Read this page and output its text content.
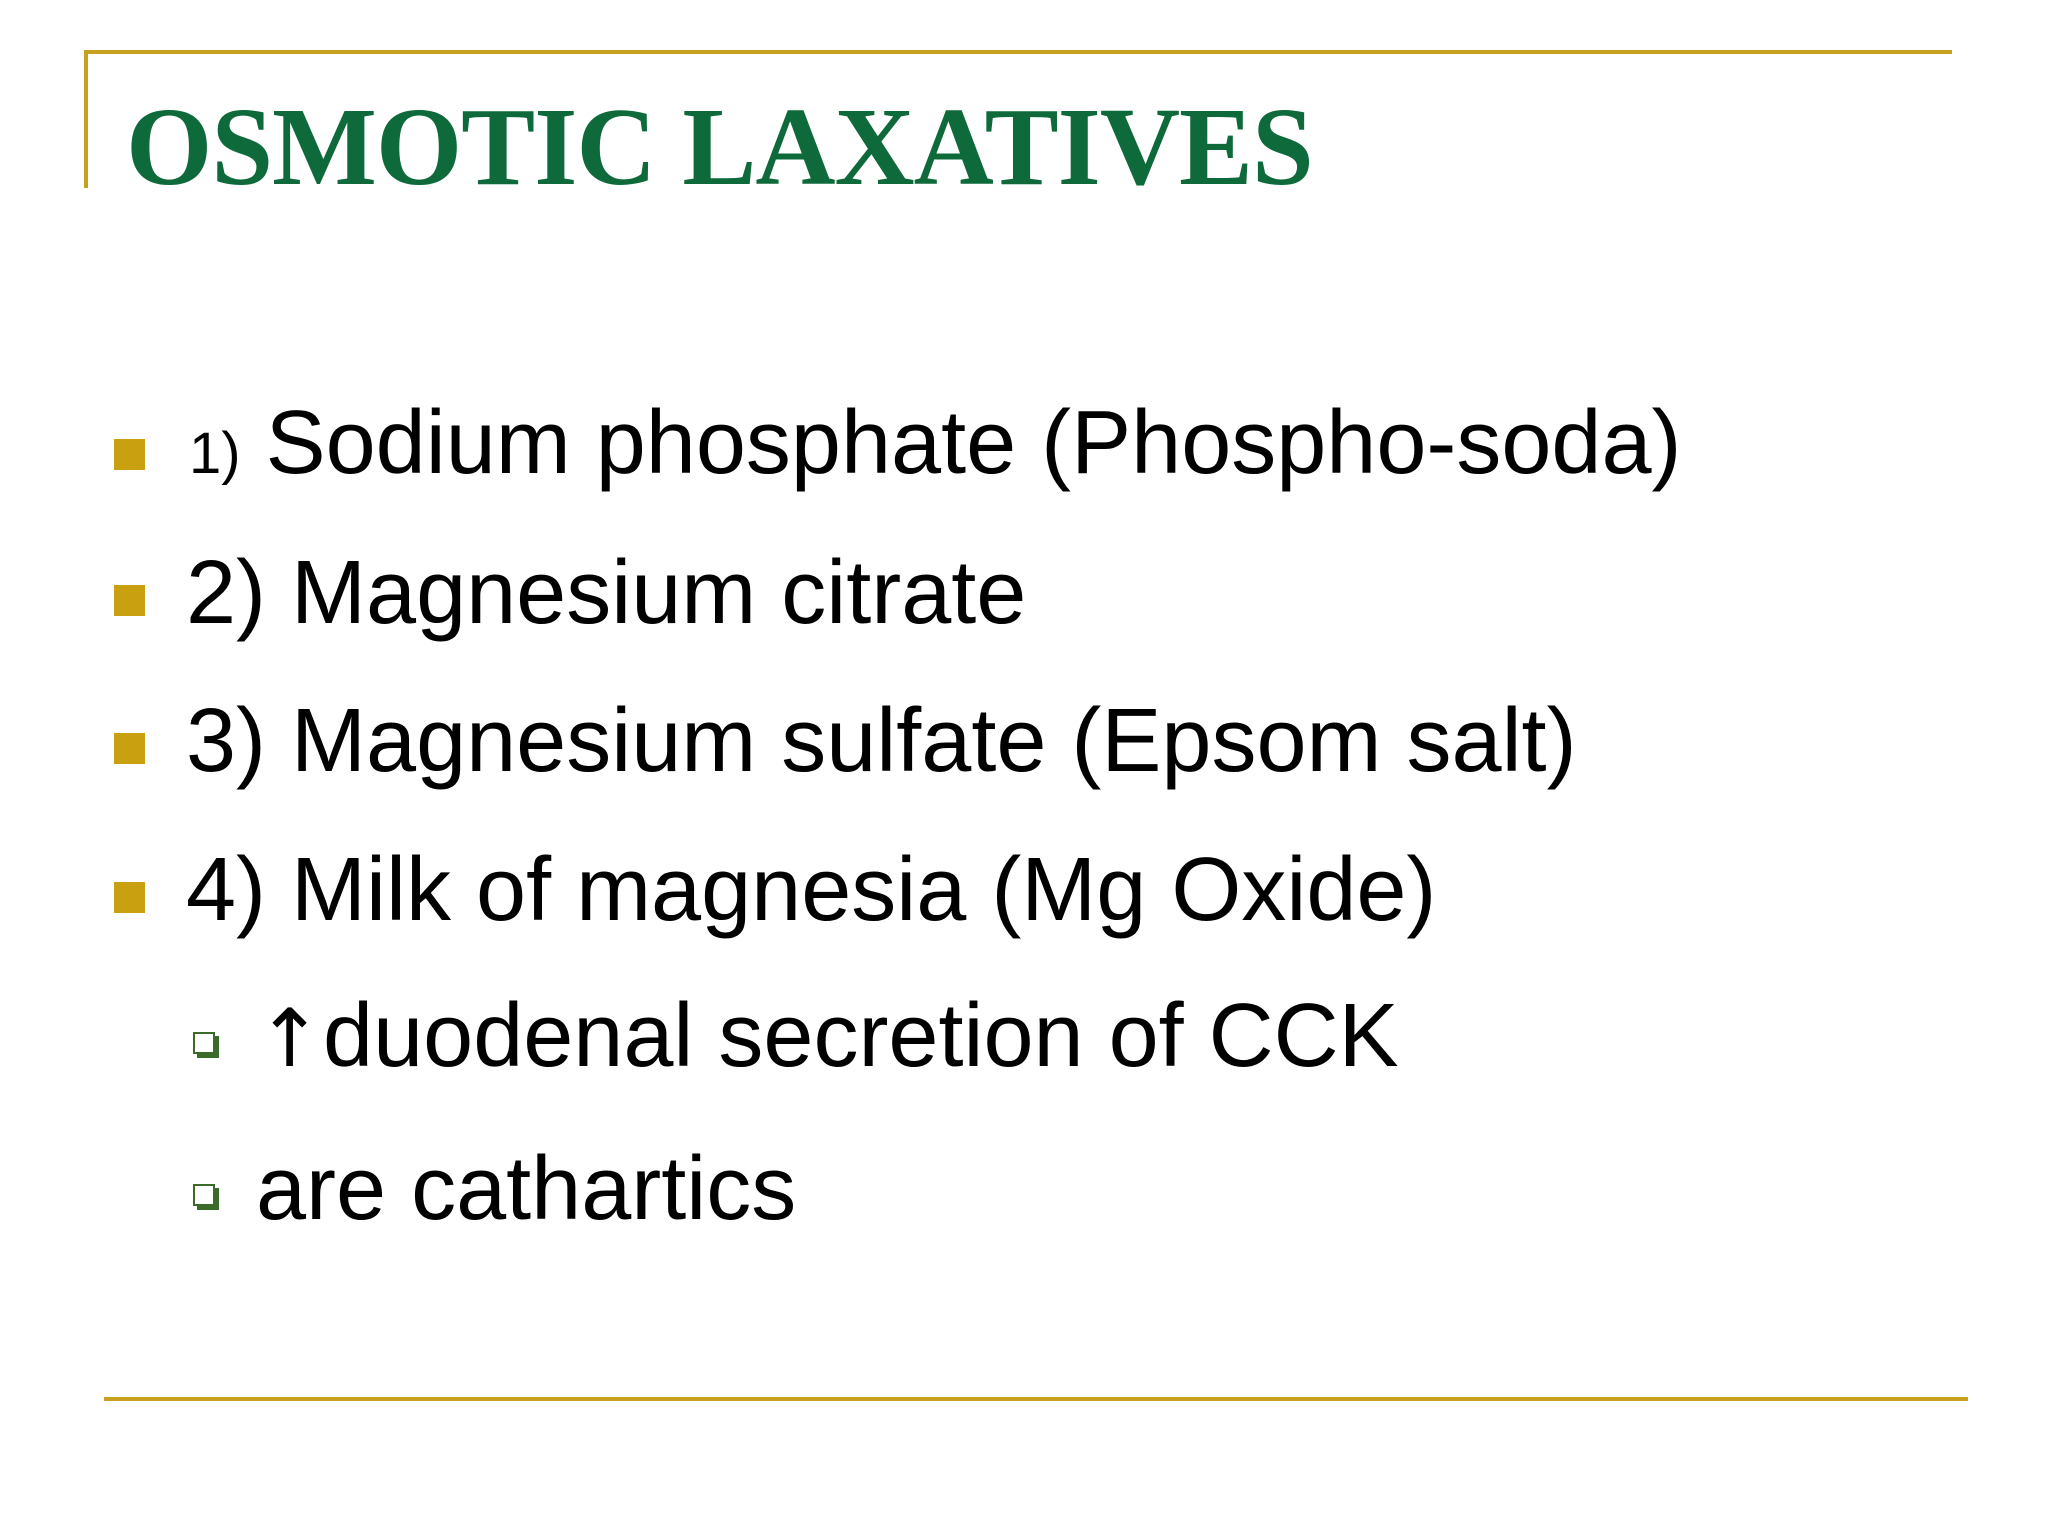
OSMOTIC LAXATIVES
1) Sodium phosphate (Phospho-soda)
2) Magnesium citrate
3) Magnesium sulfate (Epsom salt)
4) Milk of magnesia (Mg Oxide)
↑duodenal secretion of CCK
are cathartics
